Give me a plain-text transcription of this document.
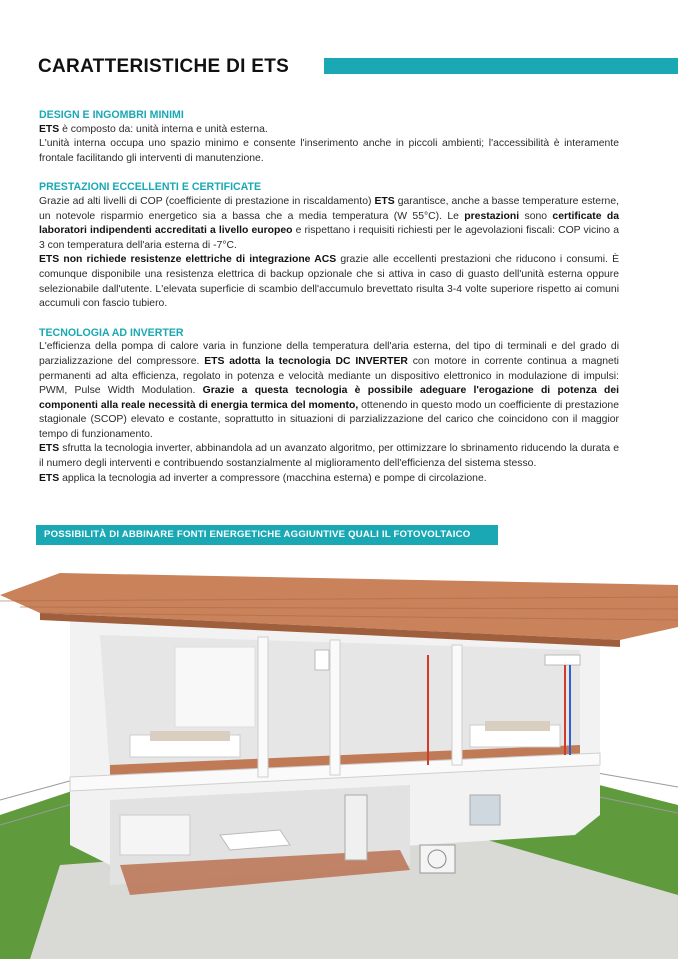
CARATTERISTICHE DI ETS
DESIGN E INGOMBRI MINIMI

ETS è composto da: unità interna e unità esterna.

L'unità interna occupa uno spazio minimo e consente l'inserimento anche in piccoli ambienti; l'accessibilità è interamente frontale facilitando gli interventi di manutenzione.

PRESTAZIONI ECCELLENTI E CERTIFICATE

Grazie ad alti livelli di COP (coefficiente di prestazione in riscaldamento) ETS garantisce, anche a basse temperature esterne, un notevole risparmio energetico sia a bassa che a media temperatura (W 55°C). Le prestazioni sono certificate da laboratori indipendenti accreditati a livello europeo e rispettano i requisiti richiesti per le agevolazioni fiscali: COP vicino a 3 con temperatura dell'aria esterna di -7°C.

ETS non richiede resistenze elettriche di integrazione ACS grazie alle eccellenti prestazioni che riducono i consumi. È comunque disponibile una resistenza elettrica di backup opzionale che si attiva in caso di guasto dell'unità esterna oppure selezionabile dall'utente. L'elevata superficie di scambio dell'accumulo brevettato risulta 3-4 volte superiore rispetto ai comuni accumuli con fascio tubiero.

TECNOLOGIA AD INVERTER

L'efficienza della pompa di calore varia in funzione della temperatura dell'aria esterna, del tipo di terminali e del grado di parzializzazione del compressore. ETS adotta la tecnologia DC INVERTER con motore in corrente continua a magneti permanenti ad alta efficienza, regolato in potenza e velocità mediante un dispositivo elettronico in modulazione di impulsi: PWM, Pulse Width Modulation. Grazie a questa tecnologia è possibile adeguare l'erogazione di potenza dei componenti alla reale necessità di energia termica del momento, ottenendo in questo modo un coefficiente di prestazione stagionale (SCOP) elevato e costante, soprattutto in situazioni di parzializzazione del carico che coincidono con il maggior tempo di funzionamento.

ETS sfrutta la tecnologia inverter, abbinandola ad un avanzato algoritmo, per ottimizzare lo sbrinamento riducendo la durata e il numero degli interventi e contribuendo sostanzialmente al miglioramento dell'efficienza del sistema stesso.

ETS applica la tecnologia ad inverter a compressore (macchina esterna) e pompe di circolazione.

POSSIBILITÀ DI ABBINARE FONTI ENERGETICHE AGGIUNTIVE QUALI IL FOTOVOLTAICO
